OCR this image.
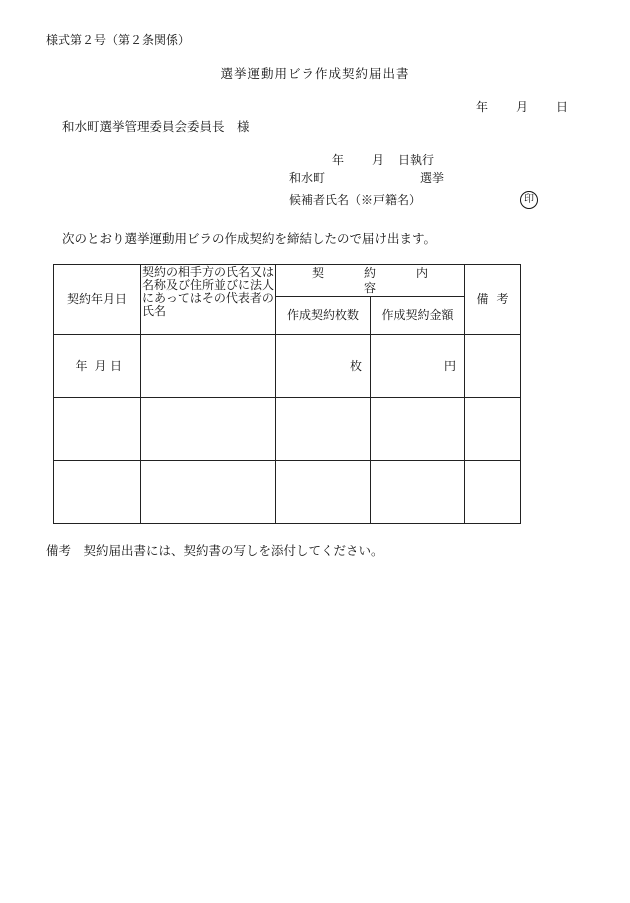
様式第２号（第２条関係）
選挙運動用ビラ作成契約届出書
年 月 日
和水町選挙管理委員会委員長　様
年 月 日執行
和水町	選挙
候補者氏名（※戸籍名）	印
次のとおり選挙運動用ビラの作成契約を締結したので届け出ます。
契約年月日	契約の相手方の氏名又は名称及び住所並びに法人にあってはその代表者の氏名	契　約　内　容		備考
		作成契約枚数	作成契約金額	
年 月 日		枚	円	

備考　契約届出書には、契約書の写しを添付してください。
